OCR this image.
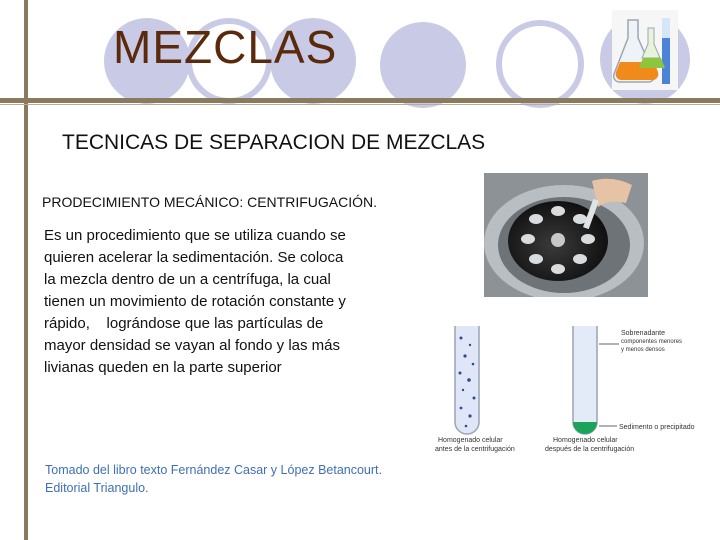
MEZCLAS
TECNICAS DE SEPARACION DE MEZCLAS
PRODECIMIENTO MECÁNICO: CENTRIFUGACIÓN.
Es un procedimiento que se utiliza cuando se
quieren acelerar la sedimentación. Se coloca
la mezcla dentro de un a centrífuga, la cual
tienen un movimiento de rotación constante y
rápido,    lográndose que las partículas de
mayor densidad se vayan al fondo y las más
livianas queden en la parte superior
Tomado del libro texto Fernández Casar y López Betancourt.
Editorial Triangulo.
Homogenado celular
antes de la centrifugación
Sobrenadante
componentes menores
y menos densos
Sedimento o precipitado
Homogenado celular
después de la centrifugación
